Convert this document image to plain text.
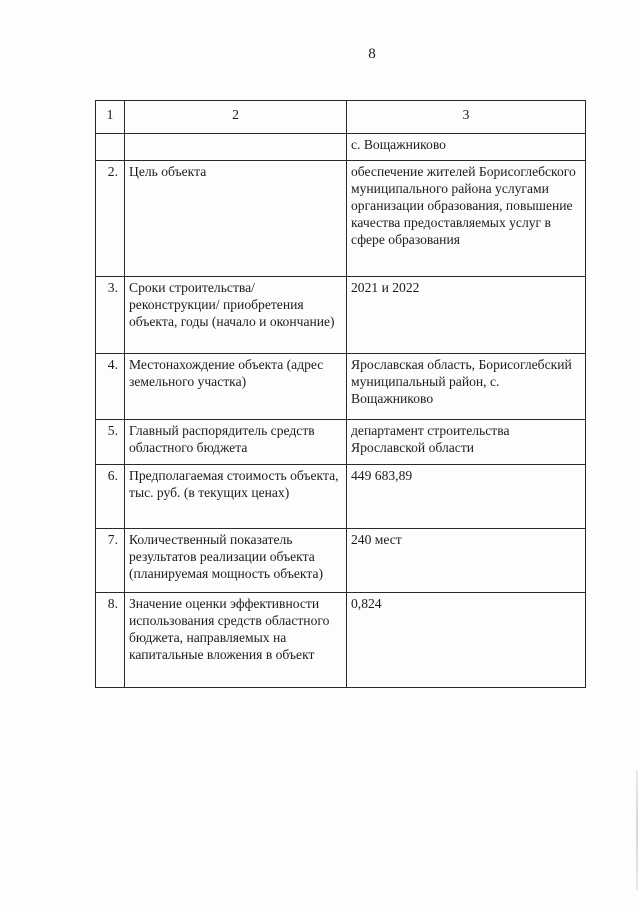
8
1	2	3
		с. Вощажниково
2.	Цель объекта	обеспечение жителей Борисоглебского муниципального района услугами организации образования, повышение качества предоставляемых услуг в сфере образования
3.	Сроки строительства/ реконструкции/ приобретения объекта, годы (начало и окончание)	2021 и 2022
4.	Местонахождение объекта (адрес земельного участка)	Ярославская область, Борисоглебский муниципальный район, с. Вощажниково
5.	Главный распорядитель средств областного бюджета	департамент строительства Ярославской области
6.	Предполагаемая стоимость объекта, тыс. руб. (в текущих ценах)	449 683,89
7.	Количественный показатель результатов реализации объекта (планируемая мощность объекта)	240 мест
8.	Значение оценки эффективности использования средств областного бюджета, направляемых на капитальные вложения в объект	0,824
